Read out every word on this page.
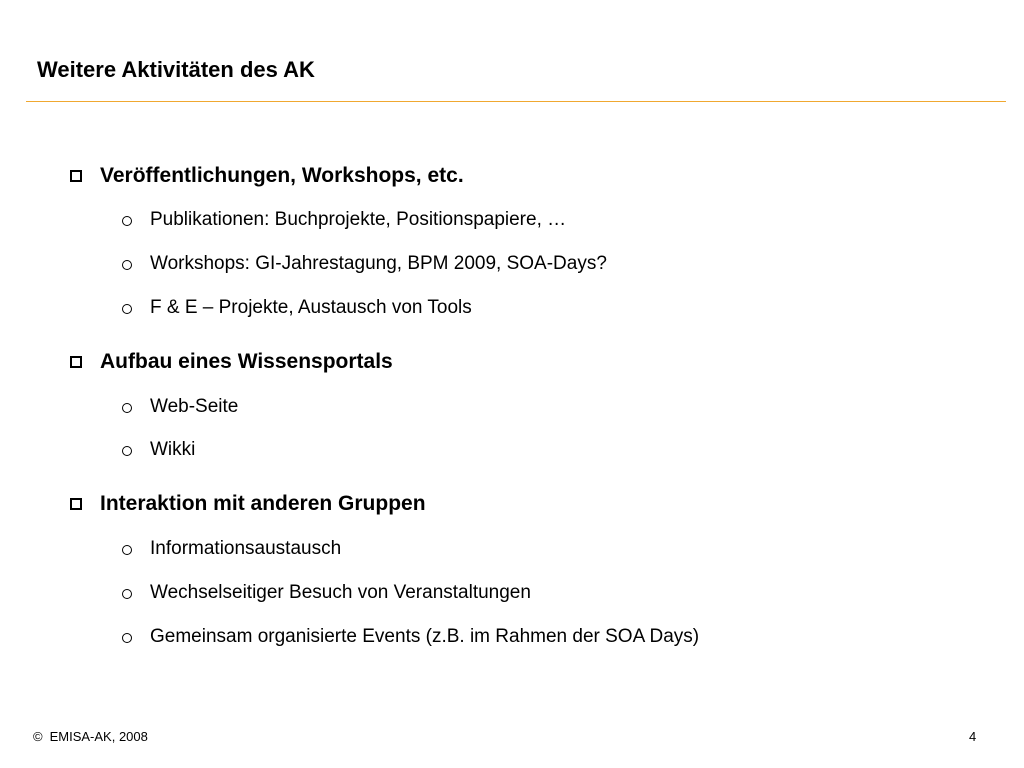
Weitere Aktivitäten des AK
Veröffentlichungen, Workshops, etc.
Publikationen: Buchprojekte, Positionspapiere, …
Workshops: GI-Jahrestagung, BPM 2009, SOA-Days?
F & E – Projekte, Austausch von Tools
Aufbau eines Wissensportals
Web-Seite
Wikki
Interaktion mit anderen Gruppen
Informationsaustausch
Wechselseitiger Besuch von Veranstaltungen
Gemeinsam organisierte Events (z.B. im Rahmen der SOA Days)
© EMISA-AK, 2008	4
